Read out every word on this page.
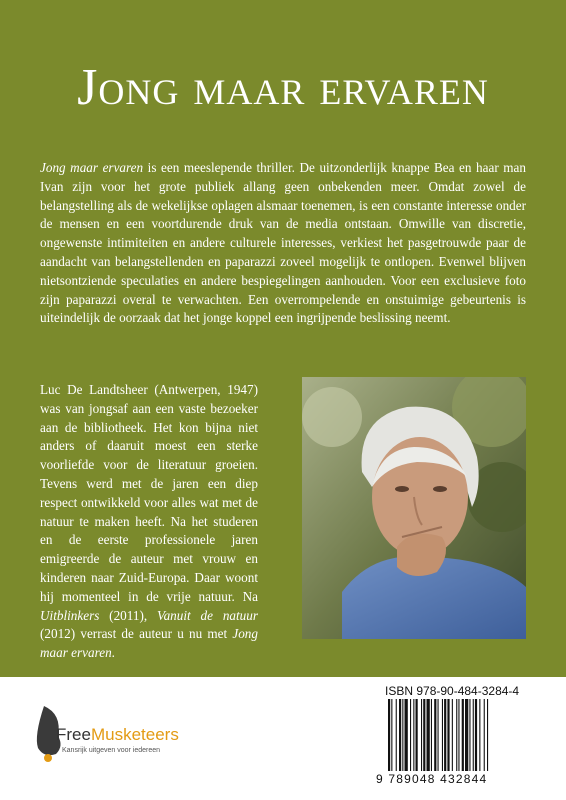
Jong maar ervaren
Jong maar ervaren is een meeslepende thriller. De uitzonderlijk knappe Bea en haar man Ivan zijn voor het grote publiek allang geen onbekenden meer. Omdat zowel de belangstelling als de wekelijkse oplagen alsmaar toenemen, is een constante interesse onder de mensen en een voortdurende druk van de media ontstaan. Omwille van discretie, ongewenste intimiteiten en andere culturele interesses, verkiest het pasgetrouwde paar de aandacht van belangstellenden en paparazzi zoveel mogelijk te ontlopen. Evenwel blijven nietsontziende speculaties en andere bespiegelingen aanhouden. Voor een exclusieve foto zijn paparazzi overal te verwachten. Een overrompelende en onstuimige gebeurtenis is uiteindelijk de oorzaak dat het jonge koppel een ingrijpende beslissing neemt.
Luc De Landtsheer (Antwerpen, 1947) was van jongsaf aan een vaste bezoeker aan de bibliotheek. Het kon bijna niet anders of daaruit moest een sterke voorliefde voor de literatuur groeien. Tevens werd met de jaren een diep respect ontwikkeld voor alles wat met de natuur te maken heeft. Na het studeren en de eerste professionele jaren emigreerde de auteur met vrouw en kinderen naar Zuid-Europa. Daar woont hij momenteel in de vrije natuur. Na Uitblinkers (2011), Vanuit de natuur (2012) verrast de auteur u nu met Jong maar ervaren.
FreeMusketeers
Kansrijk uitgeven voor iedereen
ISBN 978-90-484-3284-4
9 789048 432844
